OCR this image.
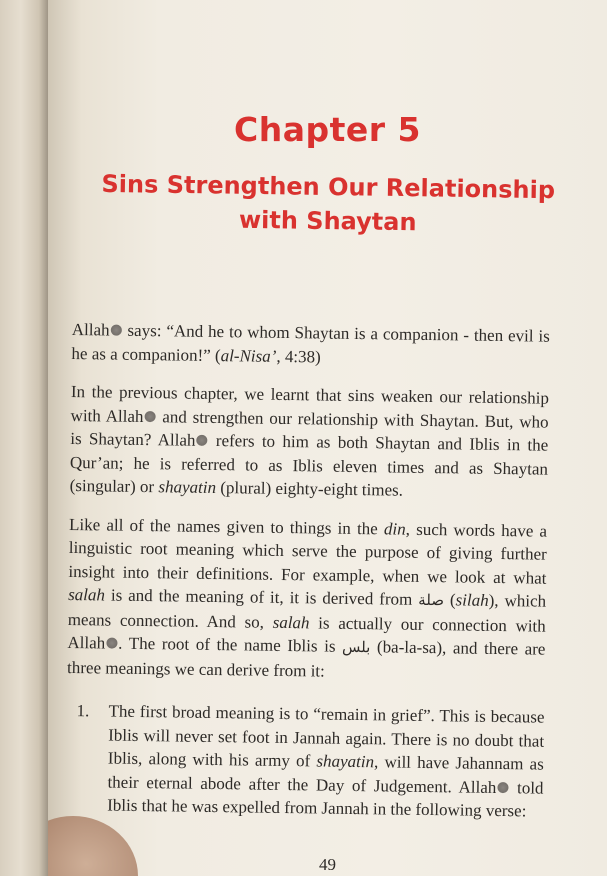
Chapter 5
Sins Strengthen Our Relationship
with Shaytan

Allah says: “And he to whom Shaytan is a companion - then evil is he as a companion!” (al-Nisa’, 4:38)

In the previous chapter, we learnt that sins weaken our relationship with Allah and strengthen our relationship with Shaytan. But, who is Shaytan? Allah refers to him as both Shaytan and Iblis in the Qur’an; he is referred to as Iblis eleven times and as Shaytan (singular) or shayatin (plural) eighty-eight times.

Like all of the names given to things in the din, such words have a linguistic root meaning which serve the purpose of giving further insight into their definitions. For example, when we look at what salah is and the meaning of it, it is derived from صلة (silah), which means connection. And so, salah is actually our connection with Allah . The root of the name Iblis is بلس (ba-la-sa), and there are three meanings we can derive from it:

1.	The first broad meaning is to “remain in grief”. This is because Iblis will never set foot in Jannah again. There is no doubt that Iblis, along with his army of shayatin, will have Jahannam as their eternal abode after the Day of Judgement. Allah told Iblis that he was expelled from Jannah in the following verse:
49
